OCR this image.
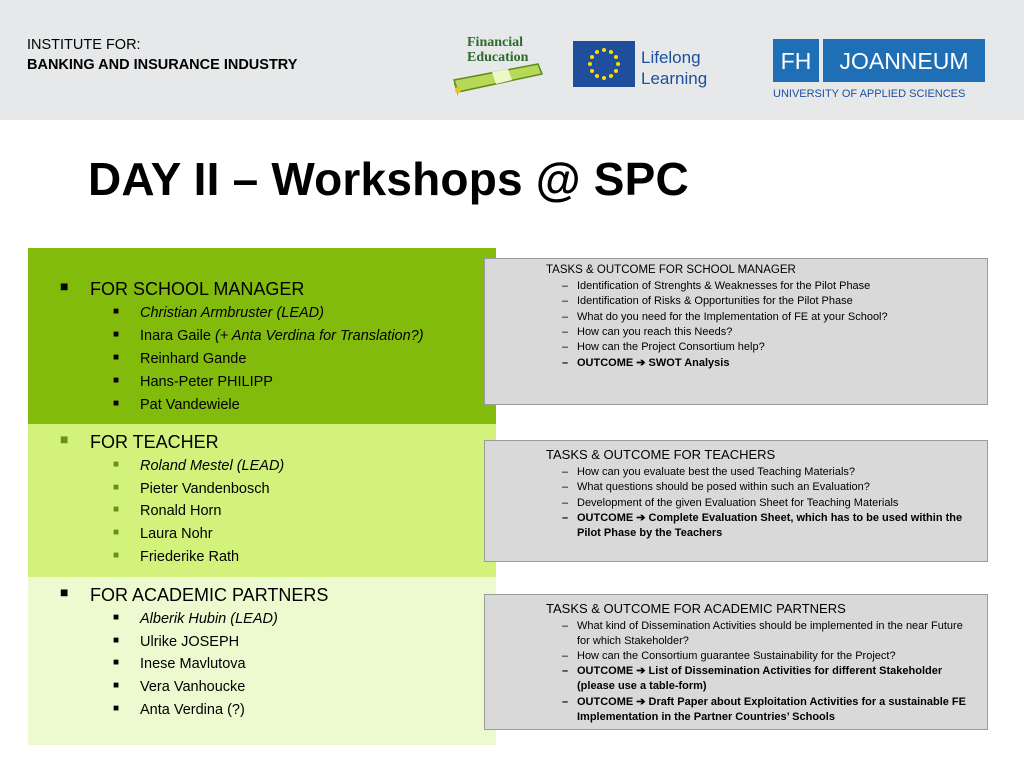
INSTITUTE FOR:
BANKING AND INSURANCE INDUSTRY
Financial
Education	Lifelong
Learning
FH JOANNEUM
UNIVERSITY OF APPLIED SCIENCES
DAY II – Workshops @ SPC
■ FOR SCHOOL MANAGER
■ Christian Armbruster (LEAD)
■ Inara Gaile (+ Anta Verdina for Translation?)
■ Reinhard Gande
■ Hans-Peter PHILIPP
■ Pat Vandewiele
■ FOR TEACHER
■ Roland Mestel (LEAD)
■ Pieter Vandenbosch
■ Ronald Horn
■ Laura Nohr
■ Friederike Rath
■ FOR ACADEMIC PARTNERS
■ Alberik Hubin (LEAD)
■ Ulrike JOSEPH
■ Inese Mavlutova
■ Vera Vanhoucke
■ Anta Verdina (?)
TASKS & OUTCOME FOR SCHOOL MANAGER
– Identification of Strenghts & Weaknesses for the Pilot Phase
– Identification of Risks & Opportunities for the Pilot Phase
– What do you need for the Implementation of FE at your School?
– How can you reach this Needs?
– How can the Project Consortium help?
– OUTCOME ➔ SWOT Analysis
TASKS & OUTCOME FOR TEACHERS
– How can you evaluate best the used Teaching Materials?
– What questions should be posed within such an Evaluation?
– Development of the given Evaluation Sheet for Teaching Materials
– OUTCOME ➔ Complete Evaluation Sheet, which has to be used within the Pilot Phase by the Teachers
TASKS & OUTCOME FOR ACADEMIC PARTNERS
– What kind of Dissemination Activities should be implemented in the near Future for which Stakeholder?
– How can the Consortium guarantee Sustainability for the Project?
– OUTCOME ➔ List of Dissemination Activities for different Stakeholder (please use a table-form)
– OUTCOME ➔ Draft Paper about Exploitation Activities for a sustainable FE Implementation in the Partner Countries’ Schools
